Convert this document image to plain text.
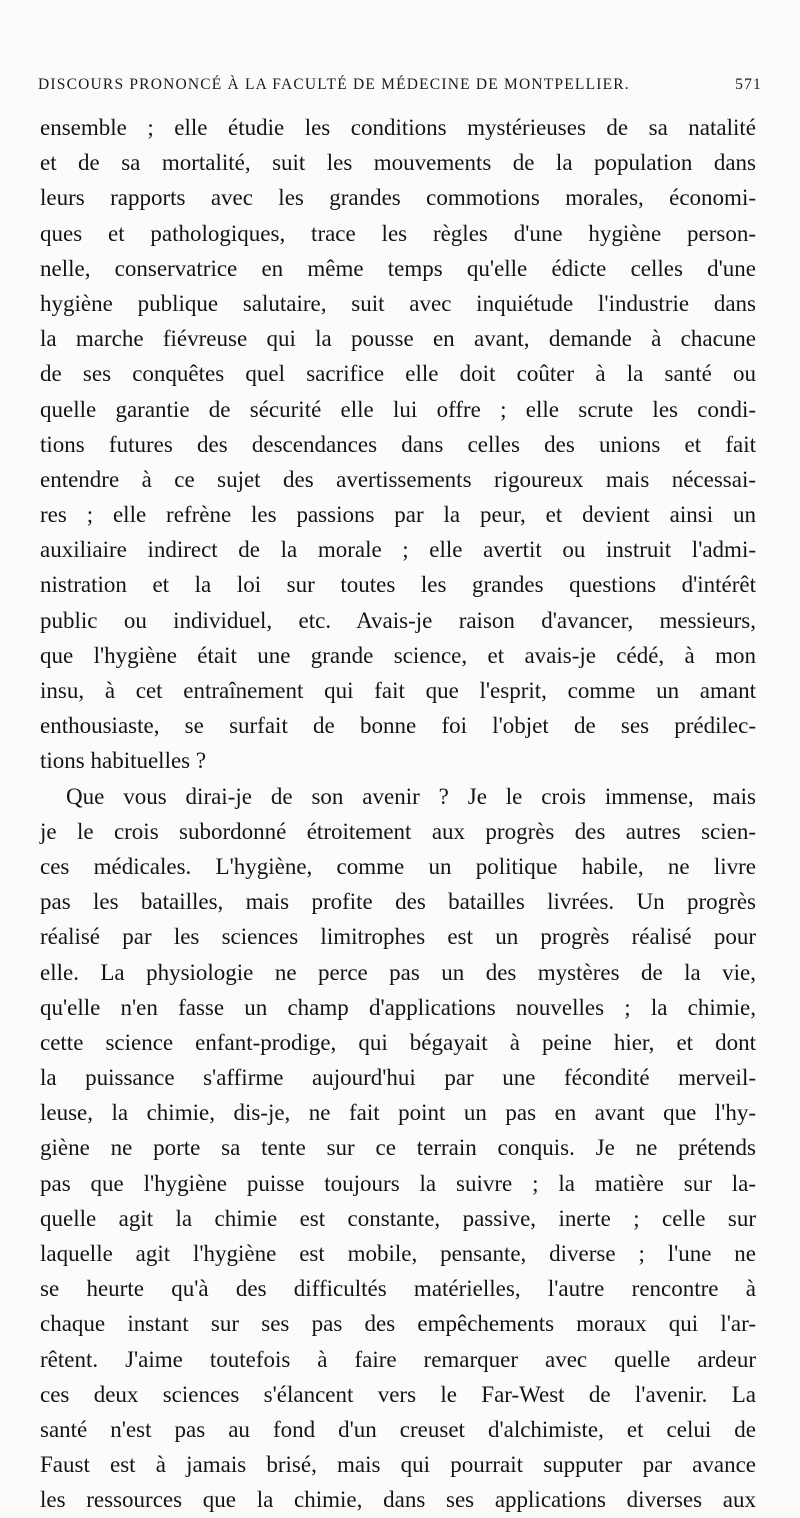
DISCOURS PRONONCÉ À LA FACULTÉ DE MÉDECINE DE MONTPELLIER.	571

ensemble ; elle étudie les conditions mystérieuses de sa natalité
et de sa mortalité, suit les mouvements de la population dans
leurs rapports avec les grandes commotions morales, économi-
ques et pathologiques, trace les règles d'une hygiène person-
nelle, conservatrice en même temps qu'elle édicte celles d'une
hygiène publique salutaire, suit avec inquiétude l'industrie dans
la marche fiévreuse qui la pousse en avant, demande à chacune
de ses conquêtes quel sacrifice elle doit coûter à la santé ou
quelle garantie de sécurité elle lui offre ; elle scrute les condi-
tions futures des descendances dans celles des unions et fait
entendre à ce sujet des avertissements rigoureux mais nécessai-
res ; elle refrène les passions par la peur, et devient ainsi un
auxiliaire indirect de la morale ; elle avertit ou instruit l'admi-
nistration et la loi sur toutes les grandes questions d'intérêt
public ou individuel, etc. Avais-je raison d'avancer, messieurs,
que l'hygiène était une grande science, et avais-je cédé, à mon
insu, à cet entraînement qui fait que l'esprit, comme un amant
enthousiaste, se surfait de bonne foi l'objet de ses prédilec-
tions habituelles ?

Que vous dirai-je de son avenir ? Je le crois immense, mais
je le crois subordonné étroitement aux progrès des autres scien-
ces médicales. L'hygiène, comme un politique habile, ne livre
pas les batailles, mais profite des batailles livrées. Un progrès
réalisé par les sciences limitrophes est un progrès réalisé pour
elle. La physiologie ne perce pas un des mystères de la vie,
qu'elle n'en fasse un champ d'applications nouvelles ; la chimie,
cette science enfant-prodige, qui bégayait à peine hier, et dont
la puissance s'affirme aujourd'hui par une fécondité merveil-
leuse, la chimie, dis-je, ne fait point un pas en avant que l'hy-
giène ne porte sa tente sur ce terrain conquis. Je ne prétends
pas que l'hygiène puisse toujours la suivre ; la matière sur la-
quelle agit la chimie est constante, passive, inerte ; celle sur
laquelle agit l'hygiène est mobile, pensante, diverse ; l'une ne
se heurte qu'à des difficultés matérielles, l'autre rencontre à
chaque instant sur ses pas des empêchements moraux qui l'ar-
rêtent. J'aime toutefois à faire remarquer avec quelle ardeur
ces deux sciences s'élancent vers le Far-West de l'avenir. La
santé n'est pas au fond d'un creuset d'alchimiste, et celui de
Faust est à jamais brisé, mais qui pourrait supputer par avance
les ressources que la chimie, dans ses applications diverses aux
